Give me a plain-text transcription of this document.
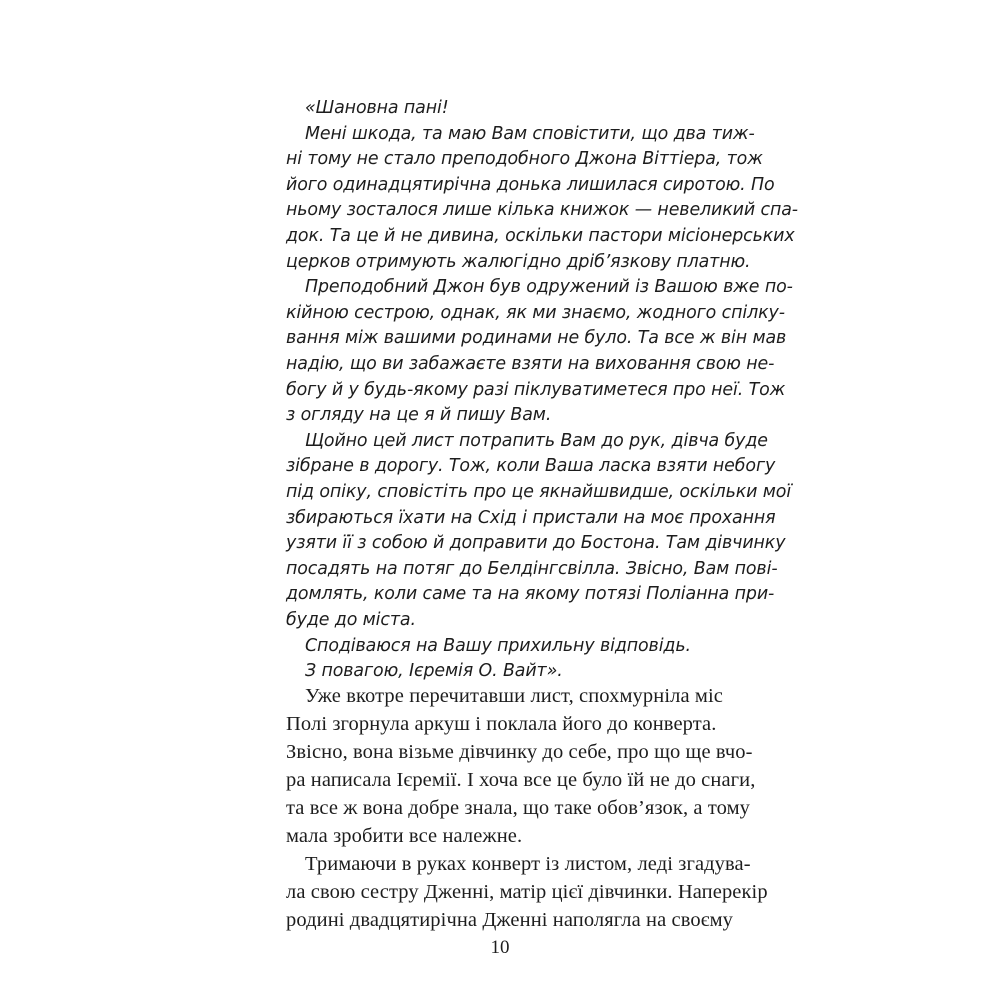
«Шановна пані!
Мені шкода, та маю Вам сповістити, що два тиж-
ні тому не стало преподобного Джона Віттіера, тож
його одинадцятирічна донька лишилася сиротою. По
ньому зосталося лише кілька книжок — невеликий спа-
док. Та це й не дивина, оскільки пастори місіонерських
церков отримують жалюгідно дріб’язкову платню.
Преподобний Джон був одружений із Вашою вже по-
кійною сестрою, однак, як ми знаємо, жодного спілку-
вання між вашими родинами не було. Та все ж він мав
надію, що ви забажаєте взяти на виховання свою не-
богу й у будь-якому разі піклуватиметеся про неї. Тож
з огляду на це я й пишу Вам.
Щойно цей лист потрапить Вам до рук, дівча буде
зібране в дорогу. Тож, коли Ваша ласка взяти небогу
під опіку, сповістіть про це якнайшвидше, оскільки мої
збираються їхати на Схід і пристали на моє прохання
узяти її з собою й доправити до Бостона. Там дівчинку
посадять на потяг до Белдінгсвілла. Звісно, Вам пові-
домлять, коли саме та на якому потязі Поліанна при-
буде до міста.
Сподіваюся на Вашу прихильну відповідь.
З повагою, Ієремія О. Вайт».
Уже вкотре перечитавши лист, спохмурніла міс
Полі згорнула аркуш і поклала його до конверта.
Звісно, вона візьме дівчинку до себе, про що ще вчо-
ра написала Ієремії. І хоча все це було їй не до снаги,
та все ж вона добре знала, що таке обов’язок, а тому
мала зробити все належне.
Тримаючи в руках конверт із листом, леді згадува-
ла свою сестру Дженні, матір цієї дівчинки. Наперекір
родині двадцятирічна Дженні наполягла на своєму
10
